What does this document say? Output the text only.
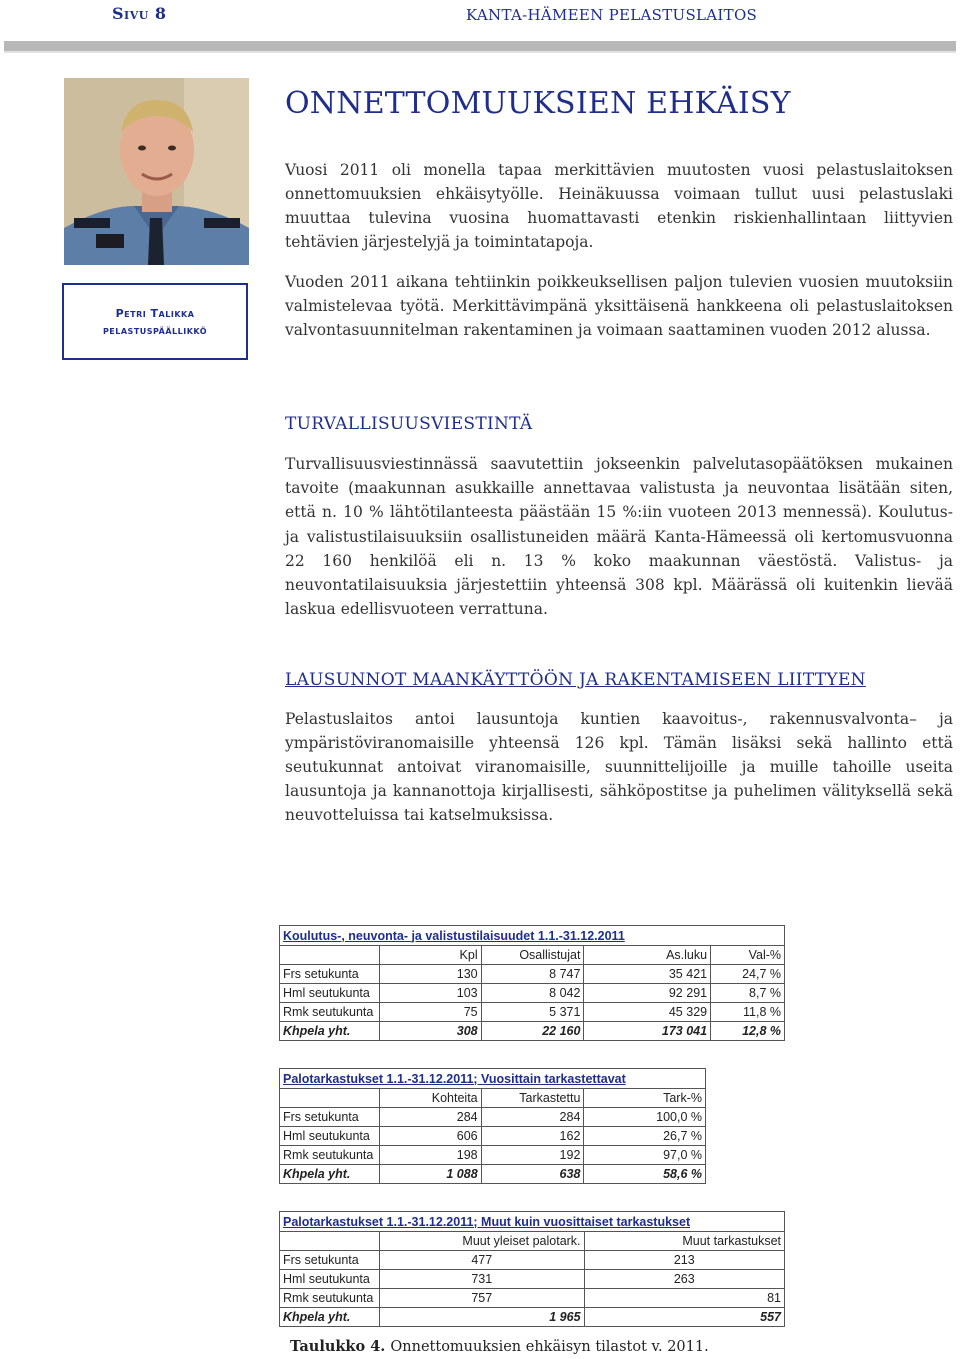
Sivu 8	KANTA-HÄMEEN PELASTUSLAITOS
Petri Talikka
pelastuspäällikkö
ONNETTOMUUKSIEN EHKÄISY

Vuosi 2011 oli monella tapaa merkittävien muutosten vuosi pelastuslaitoksen onnettomuuksien ehkäisytyölle. Heinäkuussa voimaan tullut uusi pelastuslaki muuttaa tulevina vuosina huomattavasti etenkin riskienhallintaan liittyvien tehtävien järjestelyjä ja toimintatapoja.

Vuoden 2011 aikana tehtiinkin poikkeuksellisen paljon tulevien vuosien muutoksiin valmistelevaa työtä. Merkittävimpänä yksittäisenä hankkeena oli pelastuslaitoksen valvontasuunnitelman rakentaminen ja voimaan saattaminen vuoden 2012 alussa.

TURVALLISUUSVIESTINTÄ

Turvallisuusviestinnässä saavutettiin jokseenkin palvelutasopäätöksen mukainen tavoite (maakunnan asukkaille annettavaa valistusta ja neuvontaa lisätään siten, että n. 10 % lähtötilanteesta päästään 15 %:iin vuoteen 2013 mennessä). Koulutus- ja valistustilaisuuksiin osallistuneiden määrä Kanta-Hämeessä oli kertomusvuonna 22 160 henkilöä eli n. 13 % koko maakunnan väestöstä. Valistus- ja neuvontatilaisuuksia järjestettiin yhteensä 308 kpl. Määrässä oli kuitenkin lievää laskua edellisvuoteen verrattuna.

LAUSUNNOT MAANKÄYTTÖÖN JA RAKENTAMISEEN LIITTYEN

Pelastuslaitos antoi lausuntoja kuntien kaavoitus-, rakennusvalvonta– ja ympäristöviranomaisille yhteensä 126 kpl. Tämän lisäksi sekä hallinto että seutukunnat antoivat viranomaisille, suunnittelijoille ja muille tahoille useita lausuntoja ja kannanottoja kirjallisesti, sähköpostitse ja puhelimen välityksellä sekä neuvotteluissa tai katselmuksissa.

Koulutus-, neuvonta- ja valistustilaisuudet 1.1.-31.12.2011				
	Kpl	Osallistujat	As.luku	Val-%
Frs setukunta	130	8 747	35 421	24,7 %
Hml seutukunta	103	8 042	92 291	8,7 %
Rmk seutukunta	75	5 371	45 329	11,8 %
Khpela yht.	308	22 160	173 041	12,8 %
Palotarkastukset 1.1.-31.12.2011; Vuosittain tarkastettavat			
	Kohteita	Tarkastettu	Tark-%
Frs setukunta	284	284	100,0 %
Hml seutukunta	606	162	26,7 %
Rmk seutukunta	198	192	97,0 %
Khpela yht.	1 088	638	58,6 %
Palotarkastukset 1.1.-31.12.2011; Muut kuin vuosittaiset tarkastukset		
	Muut yleiset palotark.	Muut tarkastukset
Frs setukunta	477	213
Hml seutukunta	731	263
Rmk seutukunta	757	81
Khpela yht.	1 965	557
Taulukko 4. Onnettomuuksien ehkäisyn tilastot v. 2011.
